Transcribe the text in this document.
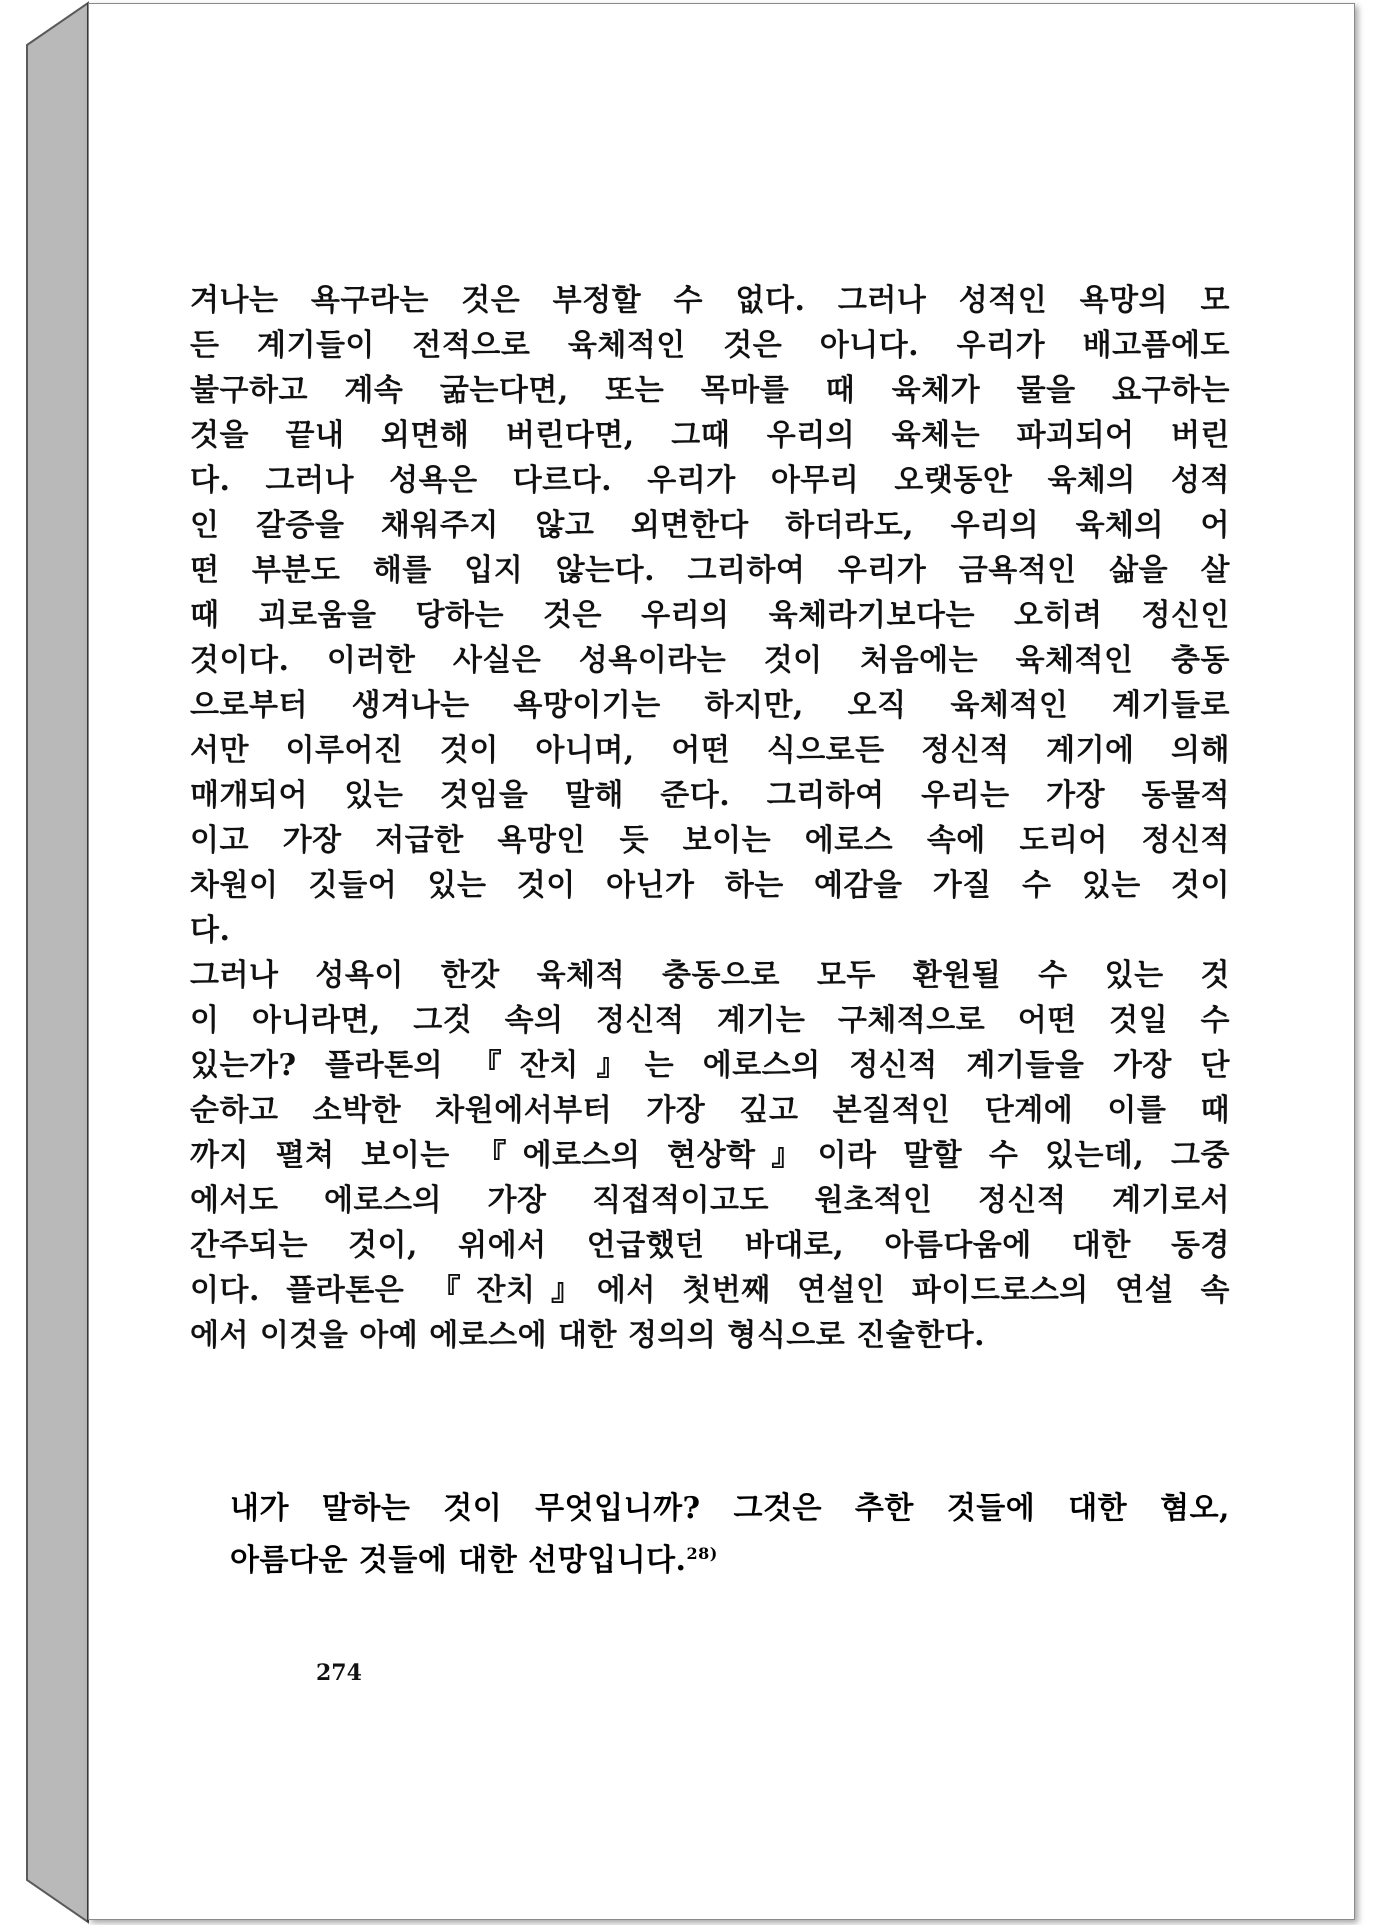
겨나는 욕구라는 것은 부정할 수 없다. 그러나 성적인 욕망의 모
든 계기들이 전적으로 육체적인 것은 아니다. 우리가 배고픔에도
불구하고 계속 굶는다면, 또는 목마를 때 육체가 물을 요구하는
것을 끝내 외면해 버린다면, 그때 우리의 육체는 파괴되어 버린
다. 그러나 성욕은 다르다. 우리가 아무리 오랫동안 육체의 성적
인 갈증을 채워주지 않고 외면한다 하더라도, 우리의 육체의 어
떤 부분도 해를 입지 않는다. 그리하여 우리가 금욕적인 삶을 살
때 괴로움을 당하는 것은 우리의 육체라기보다는 오히려 정신인
것이다. 이러한 사실은 성욕이라는 것이 처음에는 육체적인 충동
으로부터 생겨나는 욕망이기는 하지만, 오직 육체적인 계기들로
서만 이루어진 것이 아니며, 어떤 식으로든 정신적 계기에 의해
매개되어 있는 것임을 말해 준다. 그리하여 우리는 가장 동물적
이고 가장 저급한 욕망인 듯 보이는 에로스 속에 도리어 정신적
차원이 깃들어 있는 것이 아닌가 하는 예감을 가질 수 있는 것이
다.
그러나 성욕이 한갓 육체적 충동으로 모두 환원될 수 있는 것
이 아니라면, 그것 속의 정신적 계기는 구체적으로 어떤 것일 수
있는가? 플라톤의 『잔치』는 에로스의 정신적 계기들을 가장 단
순하고 소박한 차원에서부터 가장 깊고 본질적인 단계에 이를 때
까지 펼쳐 보이는 『에로스의 현상학』이라 말할 수 있는데, 그중
에서도 에로스의 가장 직접적이고도 원초적인 정신적 계기로서
간주되는 것이, 위에서 언급했던 바대로, 아름다움에 대한 동경
이다. 플라톤은 『잔치』에서 첫번째 연설인 파이드로스의 연설 속
에서 이것을 아예 에로스에 대한 정의의 형식으로 진술한다.
내가 말하는 것이 무엇입니까? 그것은 추한 것들에 대한 혐오,
아름다운 것들에 대한 선망입니다.$^{28)}$
274
